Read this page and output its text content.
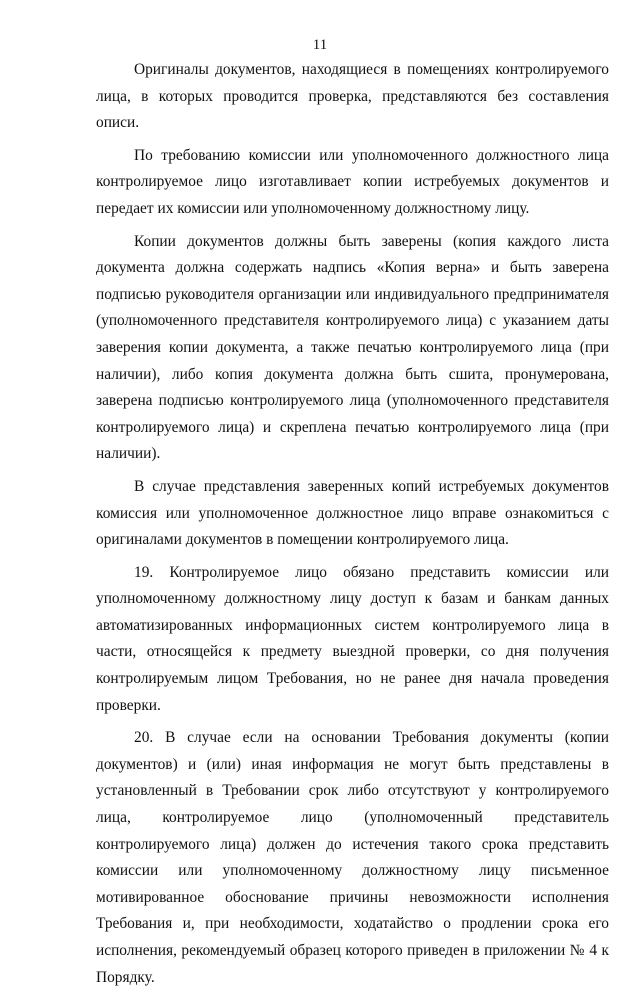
11

Оригиналы документов, находящиеся в помещениях контролируемого лица, в которых проводится проверка, представляются без составления описи.

По требованию комиссии или уполномоченного должностного лица контролируемое лицо изготавливает копии истребуемых документов и передает их комиссии или уполномоченному должностному лицу.

Копии документов должны быть заверены (копия каждого листа документа должна содержать надпись «Копия верна» и быть заверена подписью руководителя организации или индивидуального предпринимателя (уполномоченного представителя контролируемого лица) с указанием даты заверения копии документа, а также печатью контролируемого лица (при наличии), либо копия документа должна быть сшита, пронумерована, заверена подписью контролируемого лица (уполномоченного представителя контролируемого лица) и скреплена печатью контролируемого лица (при наличии).

В случае представления заверенных копий истребуемых документов комиссия или уполномоченное должностное лицо вправе ознакомиться с оригиналами документов в помещении контролируемого лица.

19. Контролируемое лицо обязано представить комиссии или уполномоченному должностному лицу доступ к базам и банкам данных автоматизированных информационных систем контролируемого лица в части, относящейся к предмету выездной проверки, со дня получения контролируемым лицом Требования, но не ранее дня начала проведения проверки.

20. В случае если на основании Требования документы (копии документов) и (или) иная информация не могут быть представлены в установленный в Требовании срок либо отсутствуют у контролируемого лица, контролируемое лицо (уполномоченный представитель контролируемого лица) должен до истечения такого срока представить комиссии или уполномоченному должностному лицу письменное мотивированное обоснование причины невозможности исполнения Требования и, при необходимости, ходатайство о продлении срока его исполнения, рекомендуемый образец которого приведен в приложении № 4 к Порядку.
